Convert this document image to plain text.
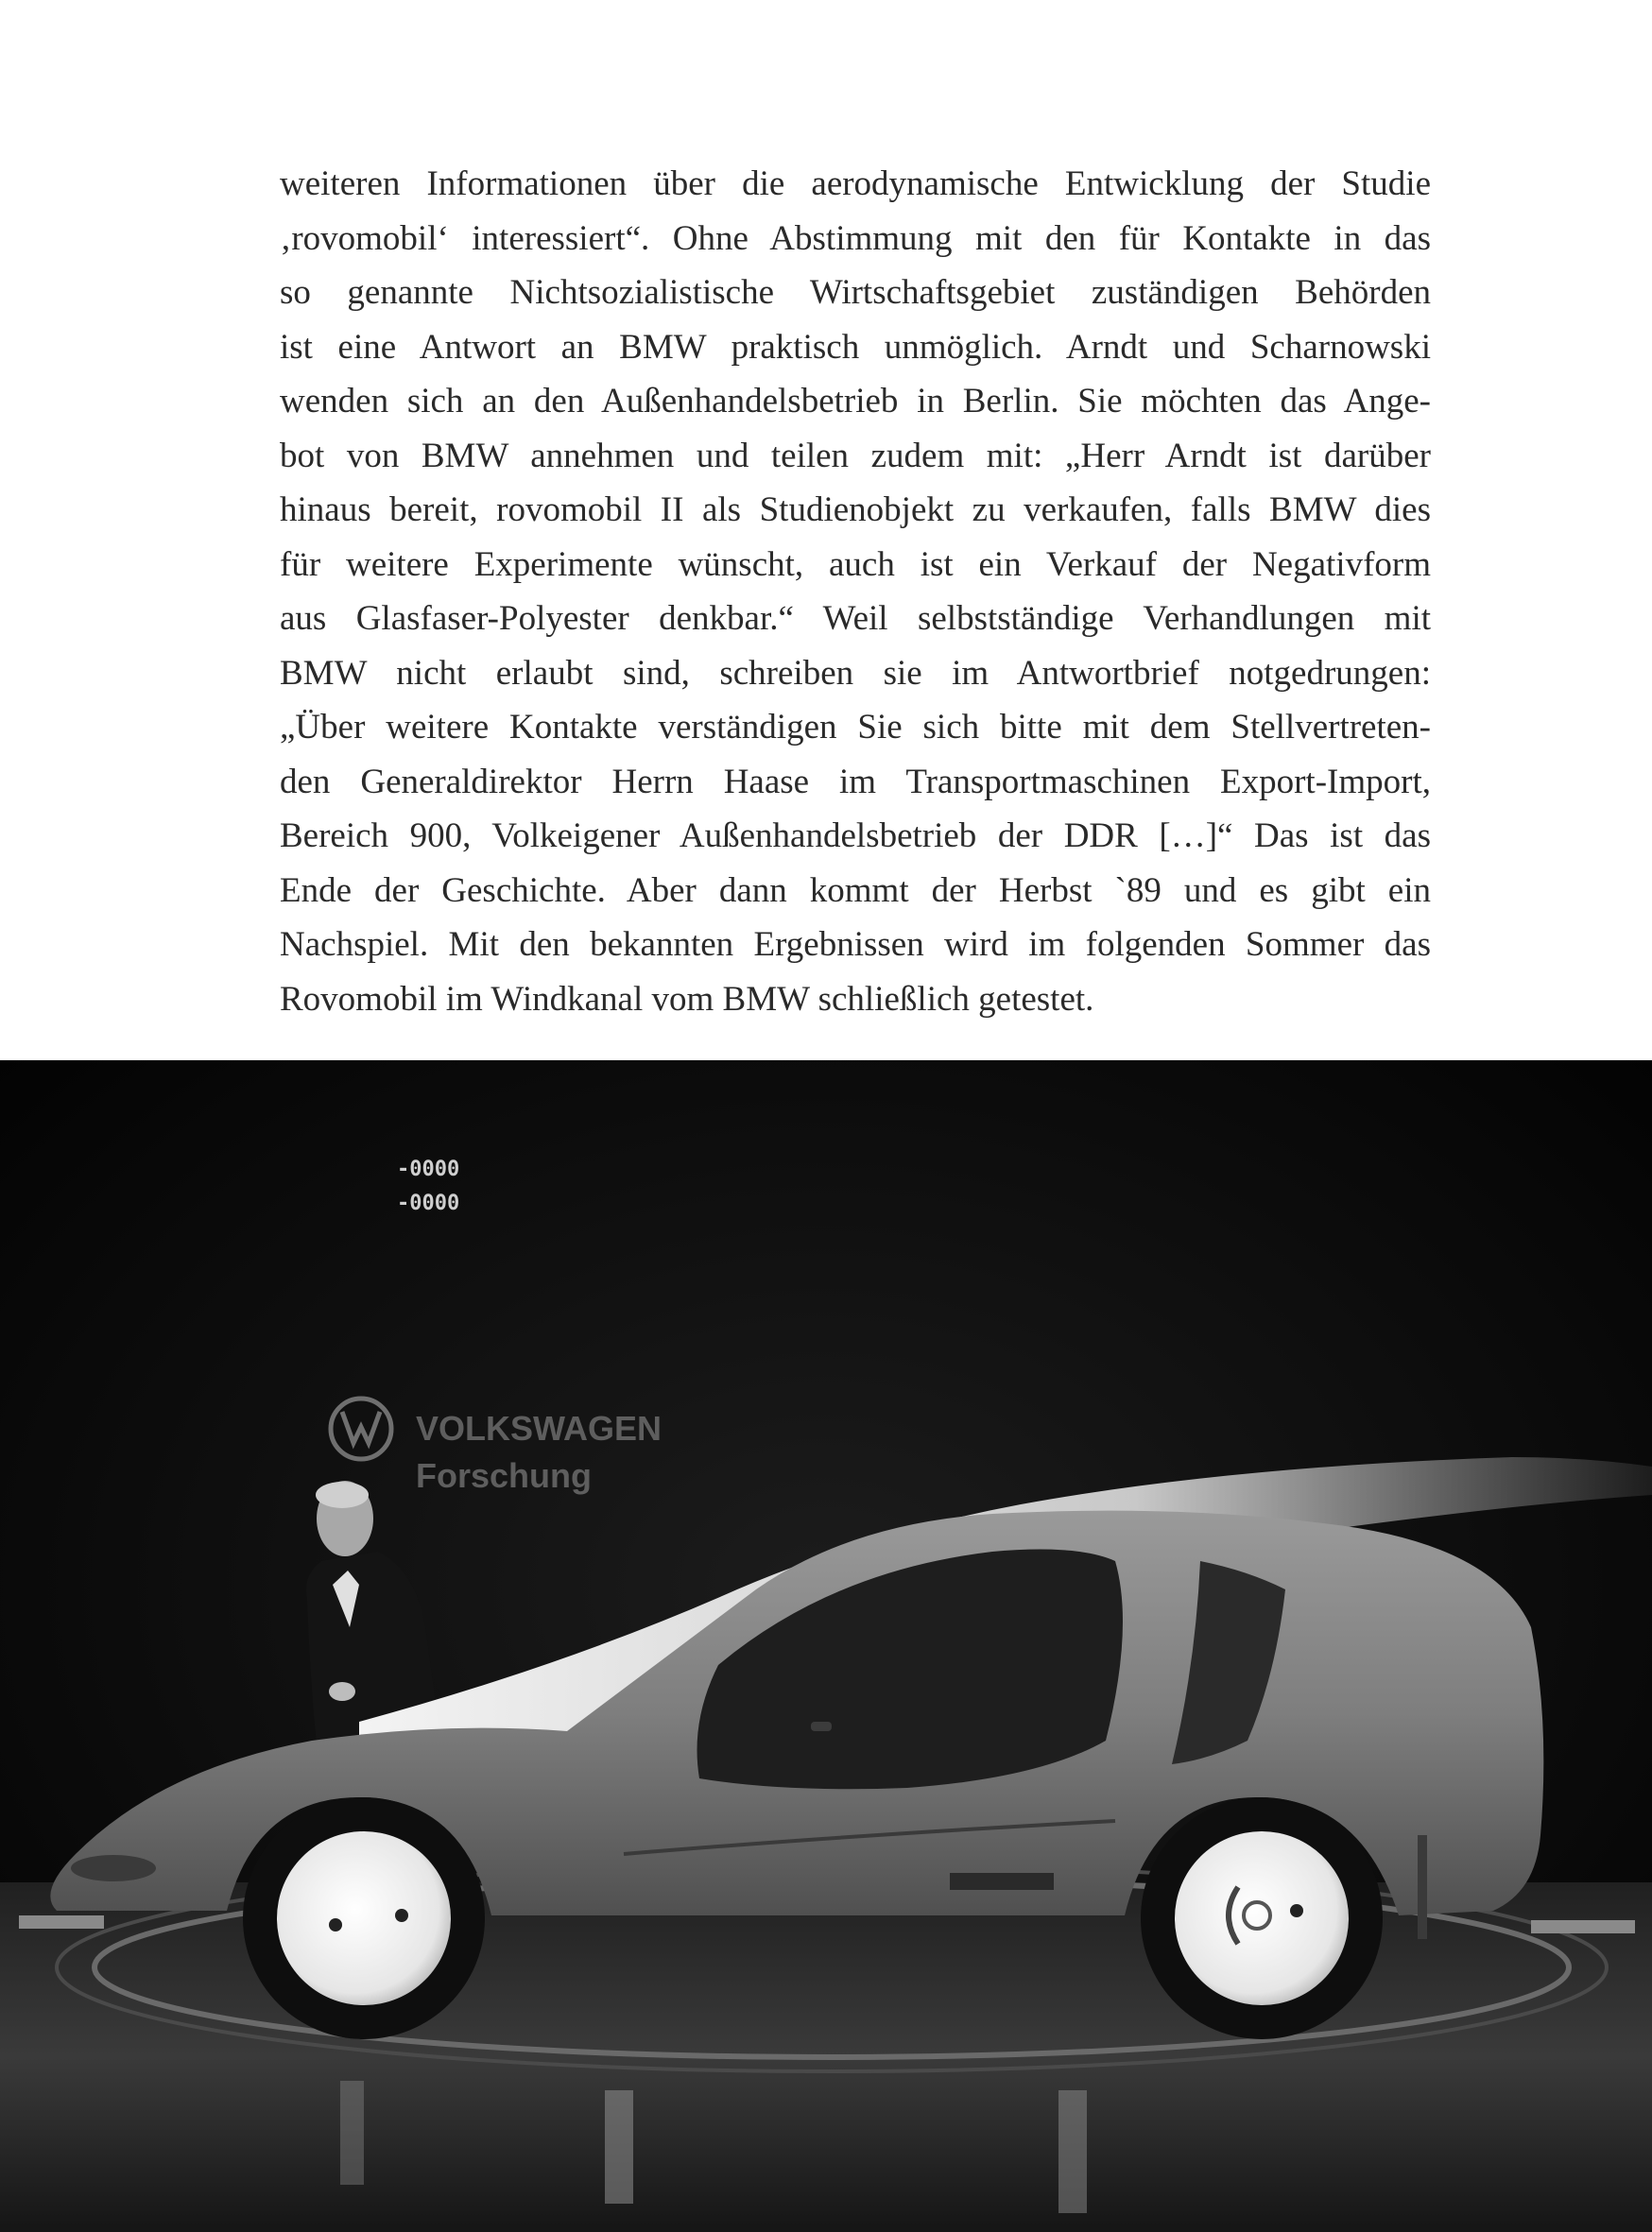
weiteren Informationen über die aerodynamische Entwicklung der Studie
‚rovomobil‘ interessiert“. Ohne Abstimmung mit den für Kontakte in das
so genannte Nichtsozialistische Wirtschaftsgebiet zuständigen Behörden
ist eine Antwort an BMW praktisch unmöglich. Arndt und Scharnowski
wenden sich an den Außenhandelsbetrieb in Berlin. Sie möchten das Ange-
bot von BMW annehmen und teilen zudem mit: „Herr Arndt ist darüber
hinaus bereit, rovomobil II als Studienobjekt zu verkaufen, falls BMW dies
für weitere Experimente wünscht, auch ist ein Verkauf der Negativform
aus Glasfaser-Polyester denkbar.“ Weil selbstständige Verhandlungen mit
BMW nicht erlaubt sind, schreiben sie im Antwortbrief notgedrungen:
„Über weitere Kontakte verständigen Sie sich bitte mit dem Stellvertreten-
den Generaldirektor Herrn Haase im Transportmaschinen Export-Import,
Bereich 900, Volkeigener Außenhandelsbetrieb der DDR […]“ Das ist das
Ende der Geschichte. Aber dann kommt der Herbst `89 und es gibt ein
Nachspiel. Mit den bekannten Ergebnissen wird im folgenden Sommer das
Rovomobil im Windkanal vom BMW schließlich getestet.
-0000
-0000
VOLKSWAGEN
Forschung
